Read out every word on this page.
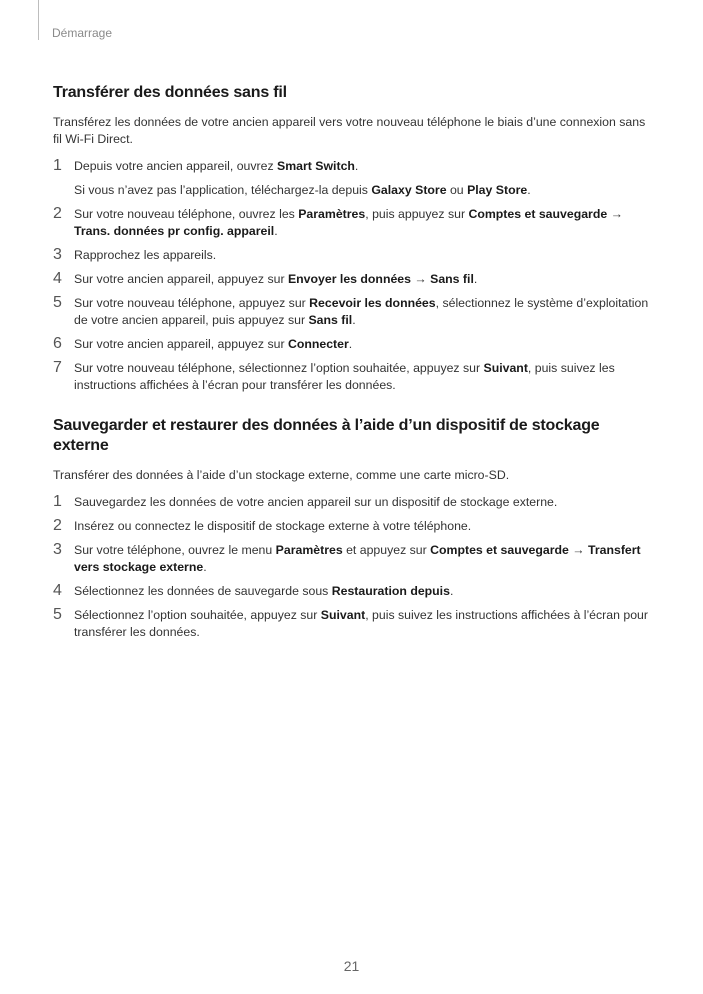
Démarrage
Transférer des données sans fil

Transférez les données de votre ancien appareil vers votre nouveau téléphone le biais d’une connexion sans fil Wi-Fi Direct.

1 Depuis votre ancien appareil, ouvrez Smart Switch.
Si vous n’avez pas l’application, téléchargez-la depuis Galaxy Store ou Play Store.
2 Sur votre nouveau téléphone, ouvrez les Paramètres, puis appuyez sur Comptes et sauvegarde → Trans. données pr config. appareil.
3 Rapprochez les appareils.
4 Sur votre ancien appareil, appuyez sur Envoyer les données → Sans fil.
5 Sur votre nouveau téléphone, appuyez sur Recevoir les données, sélectionnez le système d’exploitation de votre ancien appareil, puis appuyez sur Sans fil.
6 Sur votre ancien appareil, appuyez sur Connecter.
7 Sur votre nouveau téléphone, sélectionnez l’option souhaitée, appuyez sur Suivant, puis suivez les instructions affichées à l’écran pour transférer les données.
Sauvegarder et restaurer des données à l’aide d’un dispositif de stockage externe

Transférer des données à l’aide d’un stockage externe, comme une carte micro-SD.

1 Sauvegardez les données de votre ancien appareil sur un dispositif de stockage externe.
2 Insérez ou connectez le dispositif de stockage externe à votre téléphone.
3 Sur votre téléphone, ouvrez le menu Paramètres et appuyez sur Comptes et sauvegarde → Transfert vers stockage externe.
4 Sélectionnez les données de sauvegarde sous Restauration depuis.
5 Sélectionnez l’option souhaitée, appuyez sur Suivant, puis suivez les instructions affichées à l’écran pour transférer les données.
21
